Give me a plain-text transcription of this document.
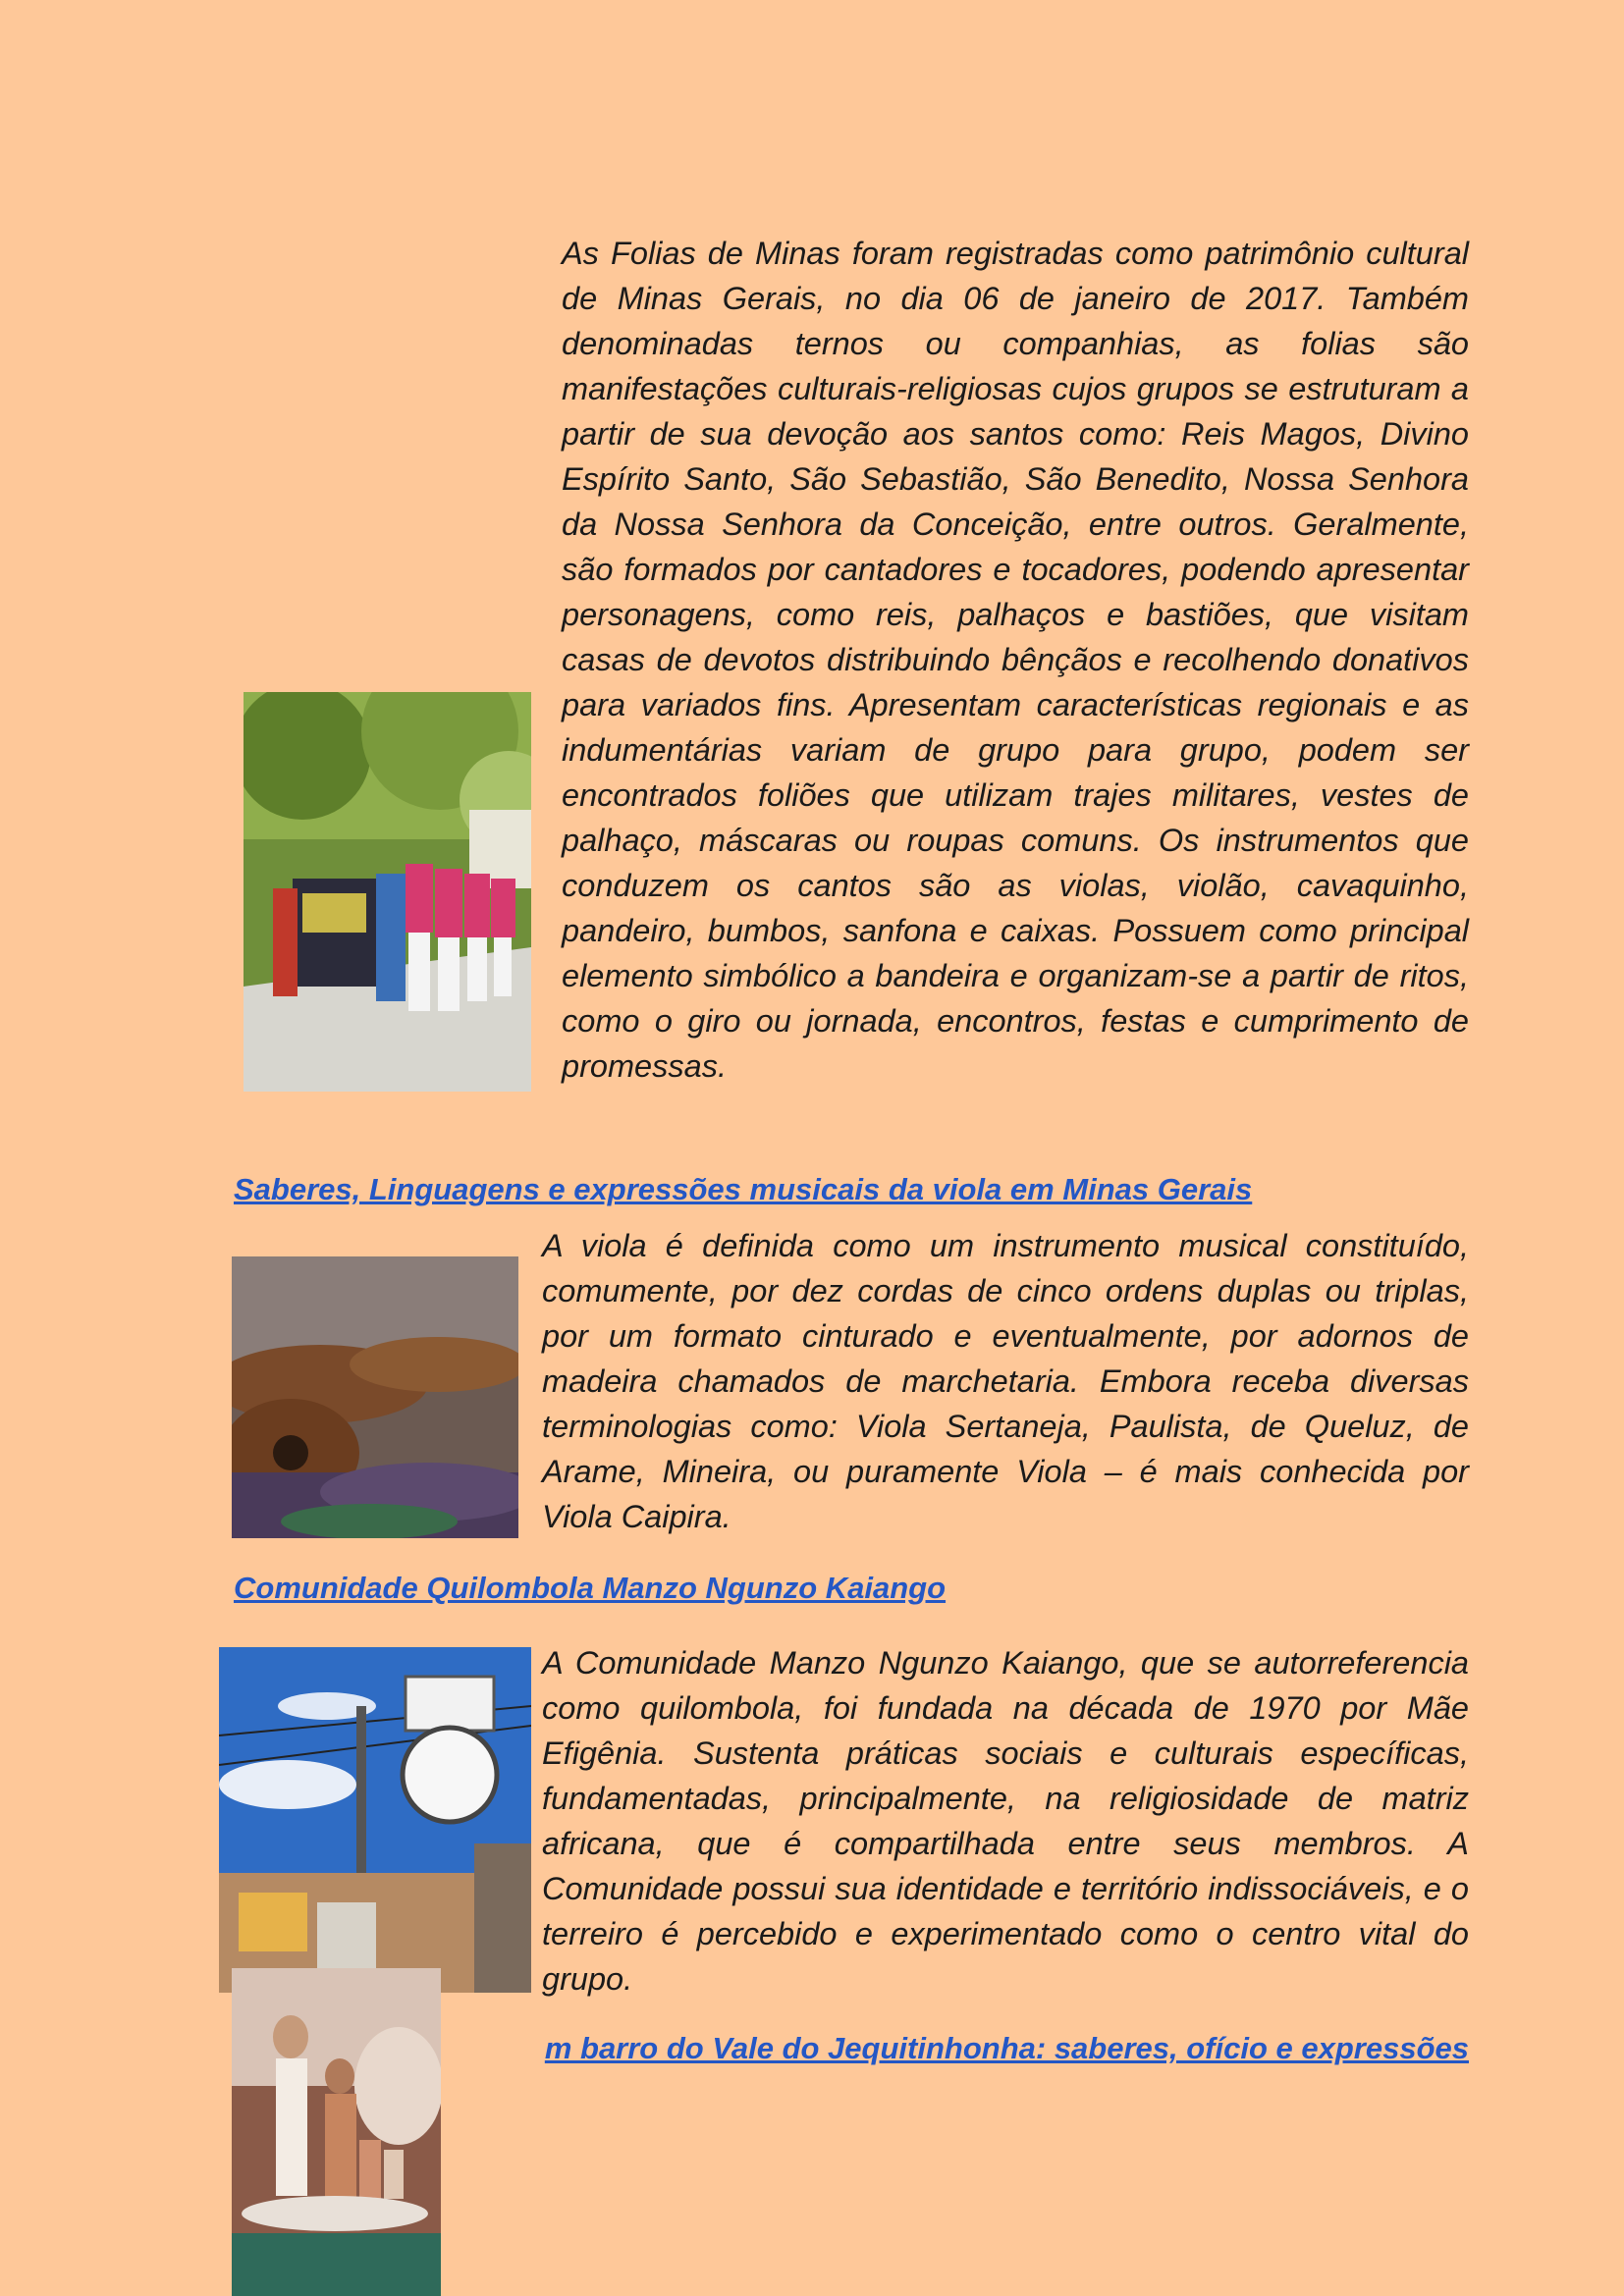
As Folias de Minas foram registradas como patrimônio cultural de Minas Gerais, no dia 06 de janeiro de 2017. Também denominadas ternos ou companhias, as folias são manifestações culturais-religiosas cujos grupos se estruturam a partir de sua devoção aos santos como: Reis Magos, Divino Espírito Santo, São Sebastião, São Benedito, Nossa Senhora da Nossa Senhora da Conceição, entre outros. Geralmente, são formados por cantadores e tocadores, podendo apresentar personagens, como reis, palhaços e bastiões, que visitam casas de devotos distribuindo bênçãos e recolhendo donativos para variados fins. Apresentam características regionais e as indumentárias variam de grupo para grupo, podem ser encontrados foliões que utilizam trajes militares, vestes de palhaço, máscaras ou roupas comuns. Os instrumentos que conduzem os cantos são as violas, violão, cavaquinho, pandeiro, bumbos, sanfona e caixas. Possuem como principal elemento simbólico a bandeira e organizam-se a partir de ritos, como o giro ou jornada, encontros, festas e cumprimento de promessas.

Saberes, Linguagens e expressões musicais da viola em Minas Gerais

A viola é definida como um instrumento musical constituído, comumente, por dez cordas de cinco ordens duplas ou triplas, por um formato cinturado e eventualmente, por adornos de madeira chamados de marchetaria. Embora receba diversas terminologias como: Viola Sertaneja, Paulista, de Queluz, de Arame, Mineira, ou puramente Viola – é mais conhecida por Viola Caipira.

Comunidade Quilombola Manzo Ngunzo Kaiango

A Comunidade Manzo Ngunzo Kaiango, que se autorreferencia como quilombola, foi fundada na década de 1970 por Mãe Efigênia. Sustenta práticas sociais e culturais específicas, fundamentadas, principalmente, na religiosidade de matriz africana, que é compartilhada entre seus membros. A Comunidade possui sua identidade e território indissociáveis, e o terreiro é percebido e experimentado como o centro vital do grupo.

m barro do Vale do Jequitinhonha: saberes, ofício e expressões
